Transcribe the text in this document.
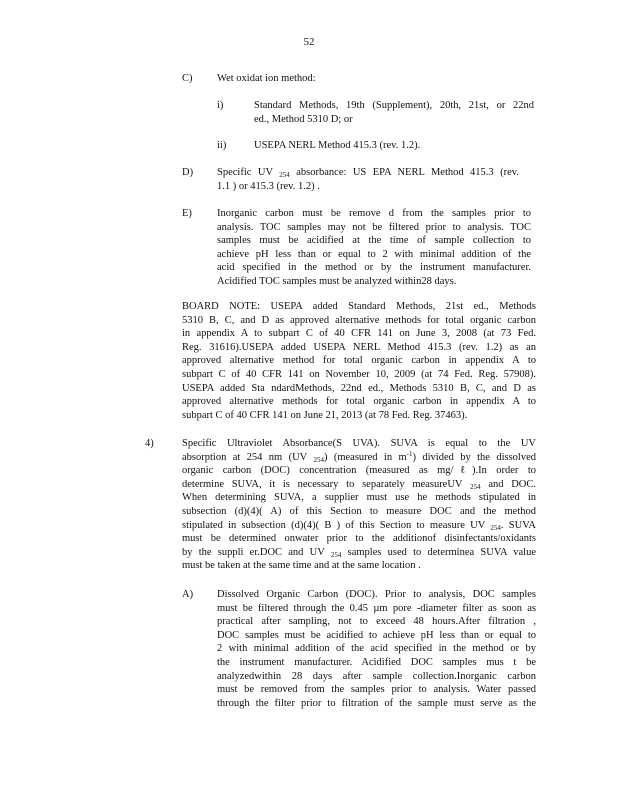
52
C) Wet oxidat ion method:
i)	Standard Methods, 19th (Supplement), 20th, 21st, or 22nd
ed., Method 5310 D; or
ii)	USEPA NERL Method 415.3 (rev. 1.2).
D) Specific UV $_{254}$ absorbance: US EPA NERL Method 415.3 (rev.
1.1 ) or 415.3 (rev. 1.2) .
E) Inorganic carbon must be remove d from the samples prior to
analysis. TOC samples may not be filtered prior to analysis. TOC
samples must be acidified at the time of sample collection to
achieve pH less than or equal to 2 with minimal addition of the
acid specified in the method or by the instrument manufacturer.
Acidified TOC samples must be analyzed within28 days.
BOARD NOTE: USEPA added Standard Methods, 21st ed., Methods
5310 B, C, and D as approved alternative methods for total organic carbon
in appendix A to subpart C of 40 CFR 141 on June 3, 2008 (at 73 Fed.
Reg. 31616).USEPA added USEPA NERL Method 415.3 (rev. 1.2) as an
approved alternative method for total organic carbon in appendix A to
subpart C of 40 CFR 141 on November 10, 2009 (at 74 Fed. Reg. 57908).
USEPA added Sta ndardMethods, 22nd ed., Methods 5310 B, C, and D as
approved alternative methods for total organic carbon in appendix A to
subpart C of 40 CFR 141 on June 21, 2013 (at 78 Fed. Reg. 37463).
4)	Specific Ultraviolet Absorbance(S UVA). SUVA is equal to the UV
absorption at 254 nm (UV $_{254}$) (measured in $m^{-1}$) divided by the dissolved
organic carbon (DOC) concentration (measured as mg/ℓ).In order to
determine SUVA, it is necessary to separately measureUV $_{254}$ and DOC.
When determining SUVA, a supplier must use he methods stipulated in
subsection (d)(4)( A) of this Section to measure DOC and the method
stipulated in subsection (d)(4)( B ) of this Section to measure UV $_{254}$. SUVA
must be determined onwater prior to the additionof disinfectants/oxidants
by the suppli er.DOC and UV $_{254}$ samples used to determinea SUVA value
must be taken at the same time and at the same location .
A) Dissolved Organic Carbon (DOC). Prior to analysis, DOC samples
must be filtered through the 0.45 µm pore -diameter filter as soon as
practical after sampling, not to exceed 48 hours.After filtration ,
DOC samples must be acidified to achieve pH less than or equal to
2 with minimal addition of the acid specified in the method or by
the instrument manufacturer. Acidified DOC samples mus t be
analyzedwithin 28 days after sample collection.Inorganic carbon
must be removed from the samples prior to analysis. Water passed
through the filter prior to filtration of the sample must serve as the
